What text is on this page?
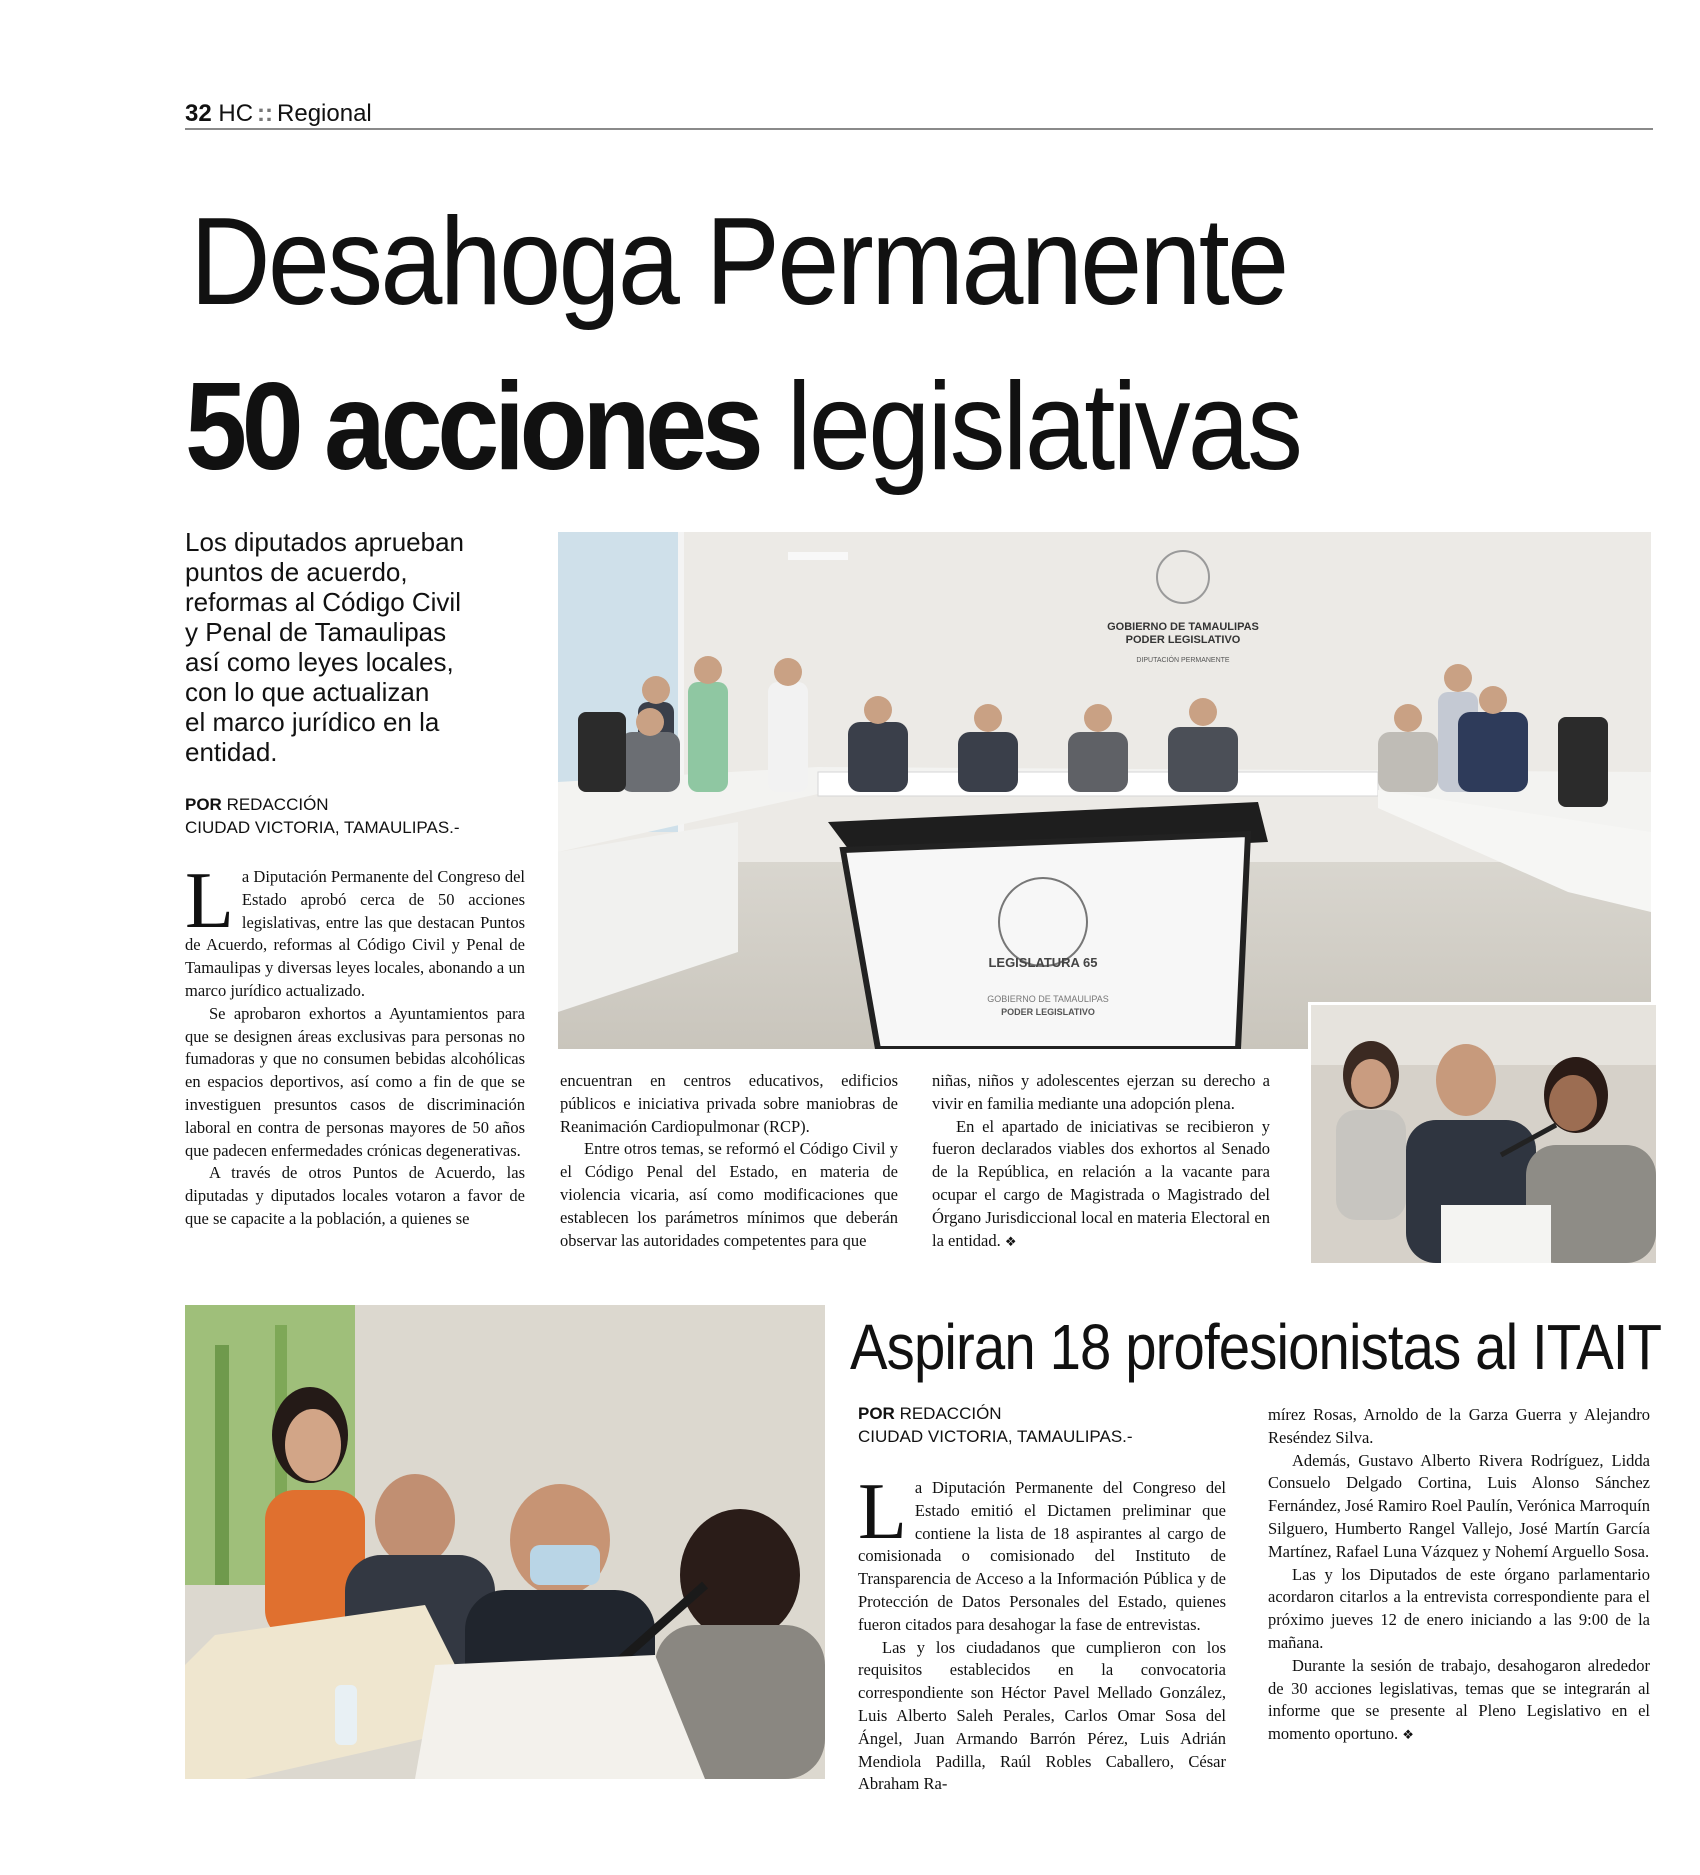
32 HC :: Regional
Desahoga Permanente
50 acciones legislativas
Los diputados aprueban
puntos de acuerdo,
reformas al Código Civil
y Penal de Tamaulipas
así como leyes locales,
con lo que actualizan
el marco jurídico en la
entidad.
POR REDACCIÓN
CIUDAD VICTORIA, TAMAULIPAS.-

La Diputación Permanente del Congreso del Estado aprobó cerca de 50 acciones legislativas, entre las que destacan Puntos de Acuerdo, reformas al Código Civil y Penal de Tamaulipas y diversas leyes locales, abonando a un marco jurídico actualizado.

Se aprobaron exhortos a Ayuntamientos para que se designen áreas exclusivas para personas no fumadoras y que no consumen bebidas alcohólicas en espacios deportivos, así como a fin de que se investiguen presuntos casos de discriminación laboral en contra de personas mayores de 50 años que padecen enfermedades crónicas degenerativas.

A través de otros Puntos de Acuerdo, las diputadas y diputados locales votaron a favor de que se capacite a la población, a quienes se

encuentran en centros educativos, edificios públicos e iniciativa privada sobre maniobras de Reanimación Cardiopulmonar (RCP).

Entre otros temas, se reformó el Código Civil y el Código Penal del Estado, en materia de violencia vicaria, así como modificaciones que establecen los parámetros mínimos que deberán observar las autoridades competentes para que

niñas, niños y adolescentes ejerzan su derecho a vivir en familia mediante una adopción plena.

En el apartado de iniciativas se recibieron y fueron declarados viables dos exhortos al Senado de la República, en relación a la vacante para ocupar el cargo de Magistrada o Magistrado del Órgano Jurisdiccional local en materia Electoral en la entidad. ❖

GOBIERNO DE TAMAULIPAS
PODER LEGISLATIVO
DIPUTACIÓN PERMANENTE
LEGISLATURA 65
GOBIERNO DE TAMAULIPAS
PODER LEGISLATIVO
Aspiran 18 profesionistas al ITAIT
POR REDACCIÓN
CIUDAD VICTORIA, TAMAULIPAS.-

La Diputación Permanente del Congreso del Estado emitió el Dictamen preliminar que contiene la lista de 18 aspirantes al cargo de comisionada o comisionado del Instituto de Transparencia de Acceso a la Información Pública y de Protección de Datos Personales del Estado, quienes fueron citados para desahogar la fase de entrevistas.

Las y los ciudadanos que cumplieron con los requisitos establecidos en la convocatoria correspondiente son Héctor Pavel Mellado González, Luis Alberto Saleh Perales, Carlos Omar Sosa del Ángel, Juan Armando Barrón Pérez, Luis Adrián Mendiola Padilla, Raúl Robles Caballero, César Abraham Ra-

mírez Rosas, Arnoldo de la Garza Guerra y Alejandro Reséndez Silva.

Además, Gustavo Alberto Rivera Rodríguez, Lidda Consuelo Delgado Cortina, Luis Alonso Sánchez Fernández, José Ramiro Roel Paulín, Verónica Marroquín Silguero, Humberto Rangel Vallejo, José Martín García Martínez, Rafael Luna Vázquez y Nohemí Arguello Sosa.

Las y los Diputados de este órgano parlamentario acordaron citarlos a la entrevista correspondiente para el próximo jueves 12 de enero iniciando a las 9:00 de la mañana.

Durante la sesión de trabajo, desahogaron alrededor de 30 acciones legislativas, temas que se integrarán al informe que se presente al Pleno Legislativo en el momento oportuno. ❖
